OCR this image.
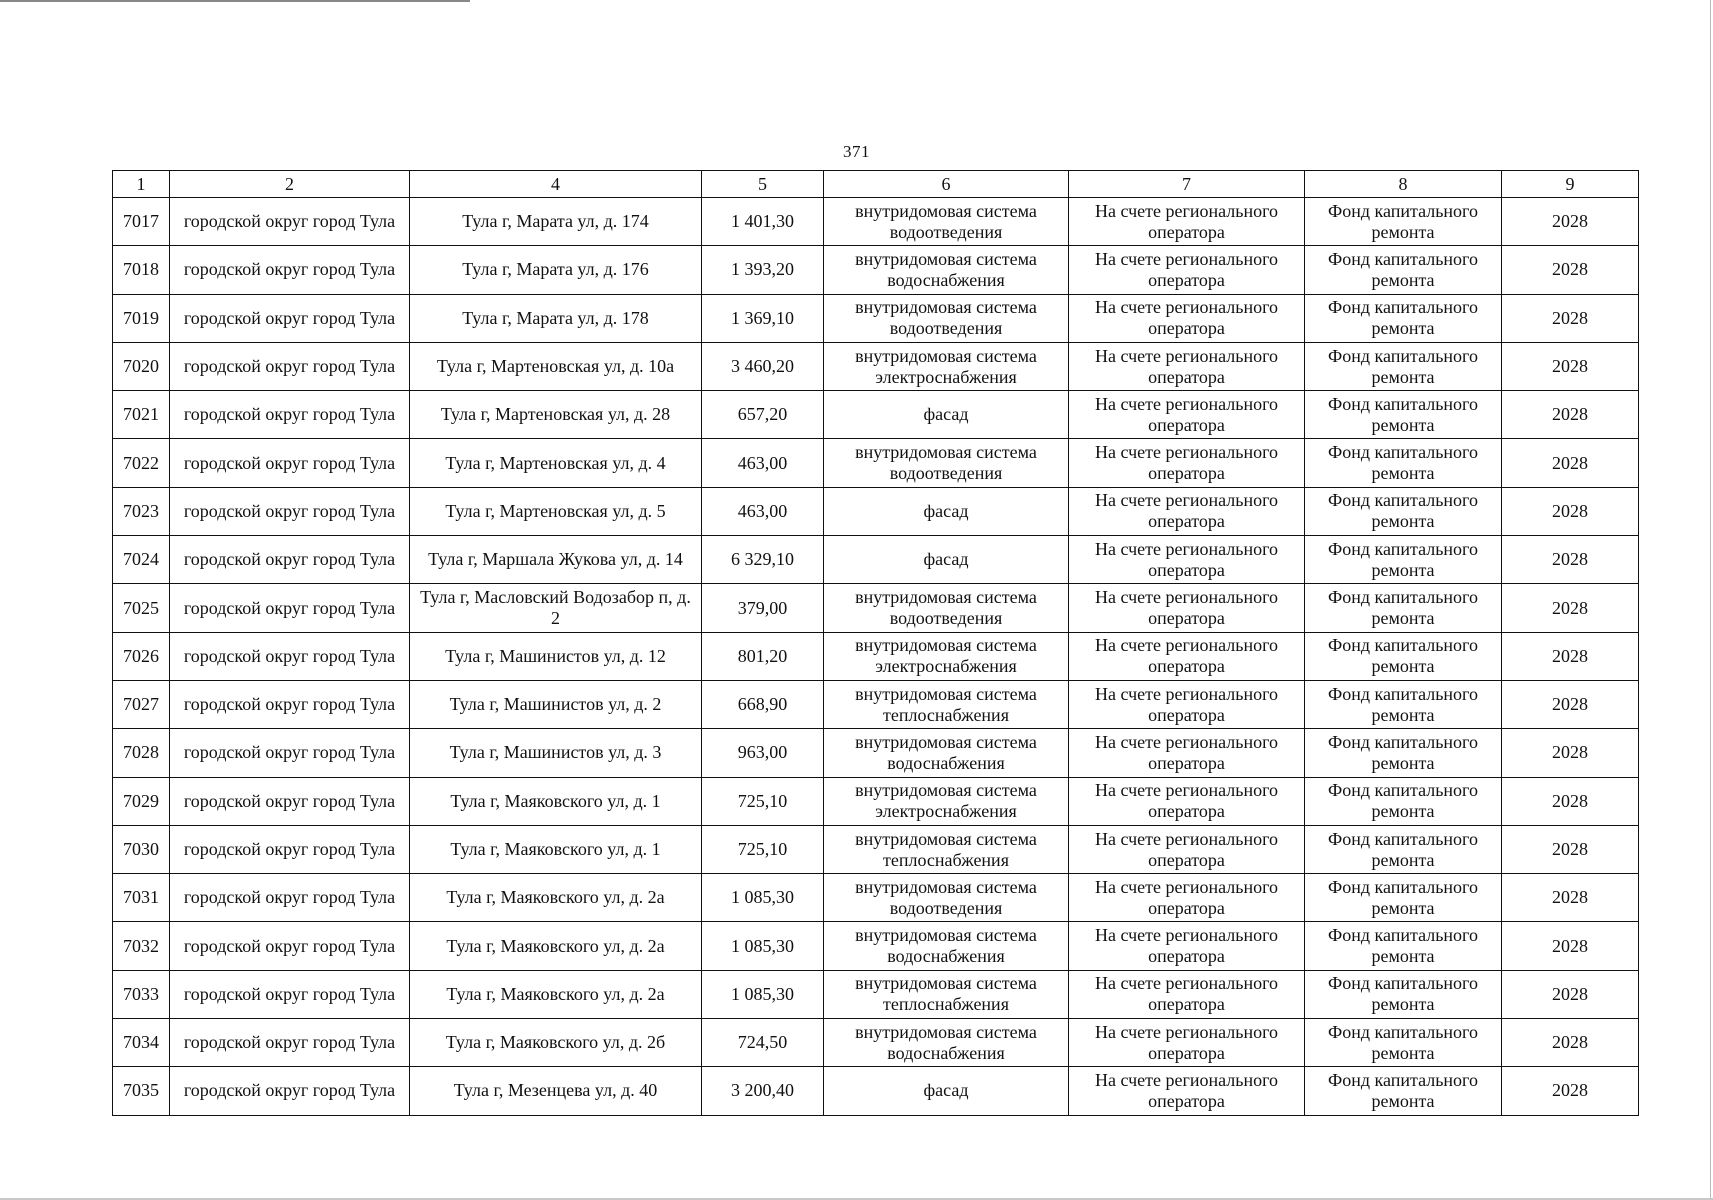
371
1	2	4	5	6	7	8	9
7017	городской округ город Тула	Тула г, Марата ул, д. 174	1 401,30	внутридомовая система водоотведения	На счете регионального оператора	Фонд капитального ремонта	2028
7018	городской округ город Тула	Тула г, Марата ул, д. 176	1 393,20	внутридомовая система водоснабжения	На счете регионального оператора	Фонд капитального ремонта	2028
7019	городской округ город Тула	Тула г, Марата ул, д. 178	1 369,10	внутридомовая система водоотведения	На счете регионального оператора	Фонд капитального ремонта	2028
7020	городской округ город Тула	Тула г, Мартеновская ул, д. 10а	3 460,20	внутридомовая система электроснабжения	На счете регионального оператора	Фонд капитального ремонта	2028
7021	городской округ город Тула	Тула г, Мартеновская ул, д. 28	657,20	фасад	На счете регионального оператора	Фонд капитального ремонта	2028
7022	городской округ город Тула	Тула г, Мартеновская ул, д. 4	463,00	внутридомовая система водоотведения	На счете регионального оператора	Фонд капитального ремонта	2028
7023	городской округ город Тула	Тула г, Мартеновская ул, д. 5	463,00	фасад	На счете регионального оператора	Фонд капитального ремонта	2028
7024	городской округ город Тула	Тула г, Маршала Жукова ул, д. 14	6 329,10	фасад	На счете регионального оператора	Фонд капитального ремонта	2028
7025	городской округ город Тула	Тула г, Масловский Водозабор п, д. 2	379,00	внутридомовая система водоотведения	На счете регионального оператора	Фонд капитального ремонта	2028
7026	городской округ город Тула	Тула г, Машинистов ул, д. 12	801,20	внутридомовая система электроснабжения	На счете регионального оператора	Фонд капитального ремонта	2028
7027	городской округ город Тула	Тула г, Машинистов ул, д. 2	668,90	внутридомовая система теплоснабжения	На счете регионального оператора	Фонд капитального ремонта	2028
7028	городской округ город Тула	Тула г, Машинистов ул, д. 3	963,00	внутридомовая система водоснабжения	На счете регионального оператора	Фонд капитального ремонта	2028
7029	городской округ город Тула	Тула г, Маяковского ул, д. 1	725,10	внутридомовая система электроснабжения	На счете регионального оператора	Фонд капитального ремонта	2028
7030	городской округ город Тула	Тула г, Маяковского ул, д. 1	725,10	внутридомовая система теплоснабжения	На счете регионального оператора	Фонд капитального ремонта	2028
7031	городской округ город Тула	Тула г, Маяковского ул, д. 2а	1 085,30	внутридомовая система водоотведения	На счете регионального оператора	Фонд капитального ремонта	2028
7032	городской округ город Тула	Тула г, Маяковского ул, д. 2а	1 085,30	внутридомовая система водоснабжения	На счете регионального оператора	Фонд капитального ремонта	2028
7033	городской округ город Тула	Тула г, Маяковского ул, д. 2а	1 085,30	внутридомовая система теплоснабжения	На счете регионального оператора	Фонд капитального ремонта	2028
7034	городской округ город Тула	Тула г, Маяковского ул, д. 2б	724,50	внутридомовая система водоснабжения	На счете регионального оператора	Фонд капитального ремонта	2028
7035	городской округ город Тула	Тула г, Мезенцева ул, д. 40	3 200,40	фасад	На счете регионального оператора	Фонд капитального ремонта	2028
